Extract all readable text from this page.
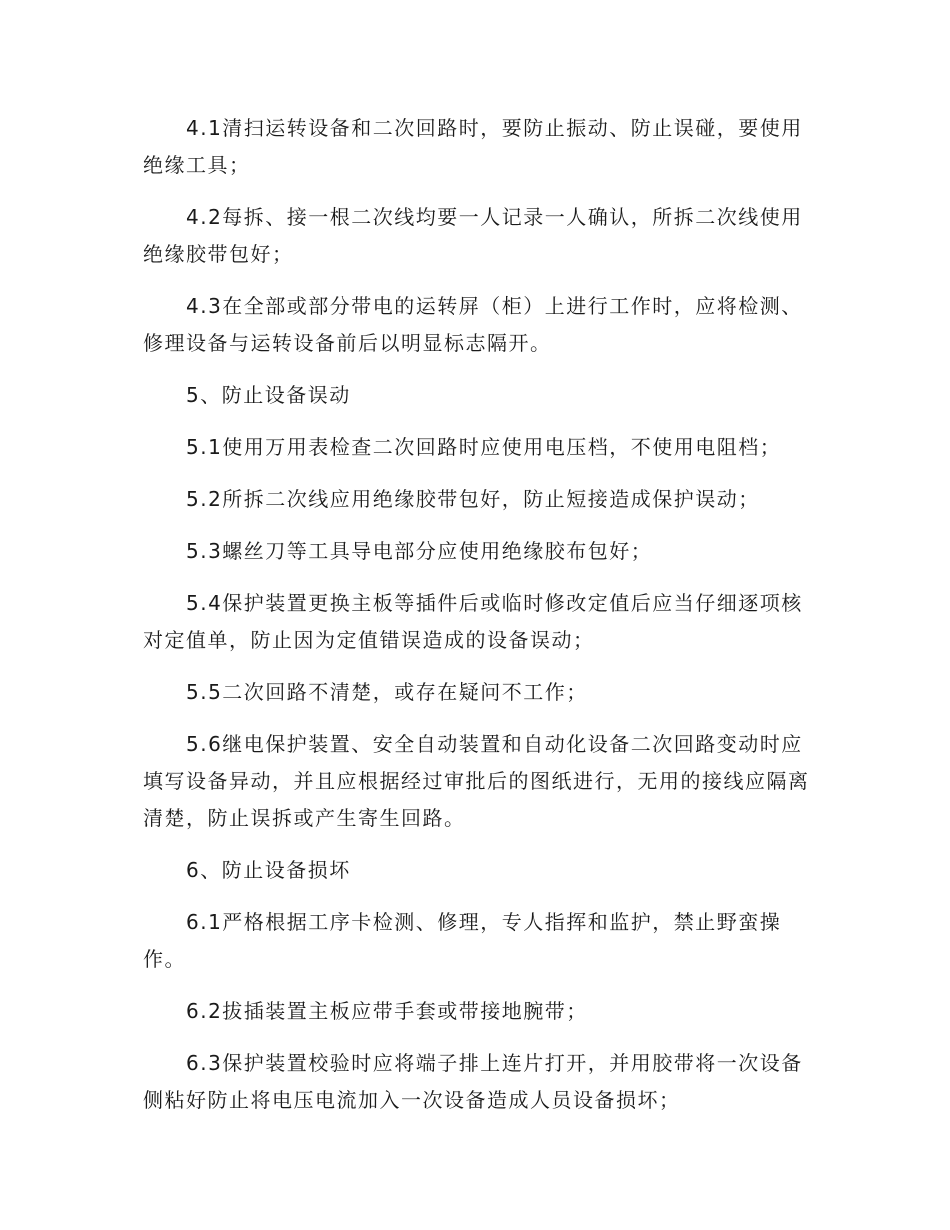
4.1清扫运转设备和二次回路时，要防止振动、防止误碰，要使用绝缘工具；

4.2每拆、接一根二次线均要一人记录一人确认，所拆二次线使用绝缘胶带包好；

4.3在全部或部分带电的运转屏（柜）上进行工作时，应将检测、修理设备与运转设备前后以明显标志隔开。

5、防止设备误动

5.1使用万用表检查二次回路时应使用电压档，不使用电阻档；

5.2所拆二次线应用绝缘胶带包好，防止短接造成保护误动；

5.3螺丝刀等工具导电部分应使用绝缘胶布包好；

5.4保护装置更换主板等插件后或临时修改定值后应当仔细逐项核对定值单，防止因为定值错误造成的设备误动；

5.5二次回路不清楚，或存在疑问不工作；

5.6继电保护装置、安全自动装置和自动化设备二次回路变动时应填写设备异动，并且应根据经过审批后的图纸进行，无用的接线应隔离清楚，防止误拆或产生寄生回路。

6、防止设备损坏

6.1严格根据工序卡检测、修理，专人指挥和监护，禁止野蛮操作。

6.2拔插装置主板应带手套或带接地腕带；

6.3保护装置校验时应将端子排上连片打开，并用胶带将一次设备侧粘好防止将电压电流加入一次设备造成人员设备损坏；
